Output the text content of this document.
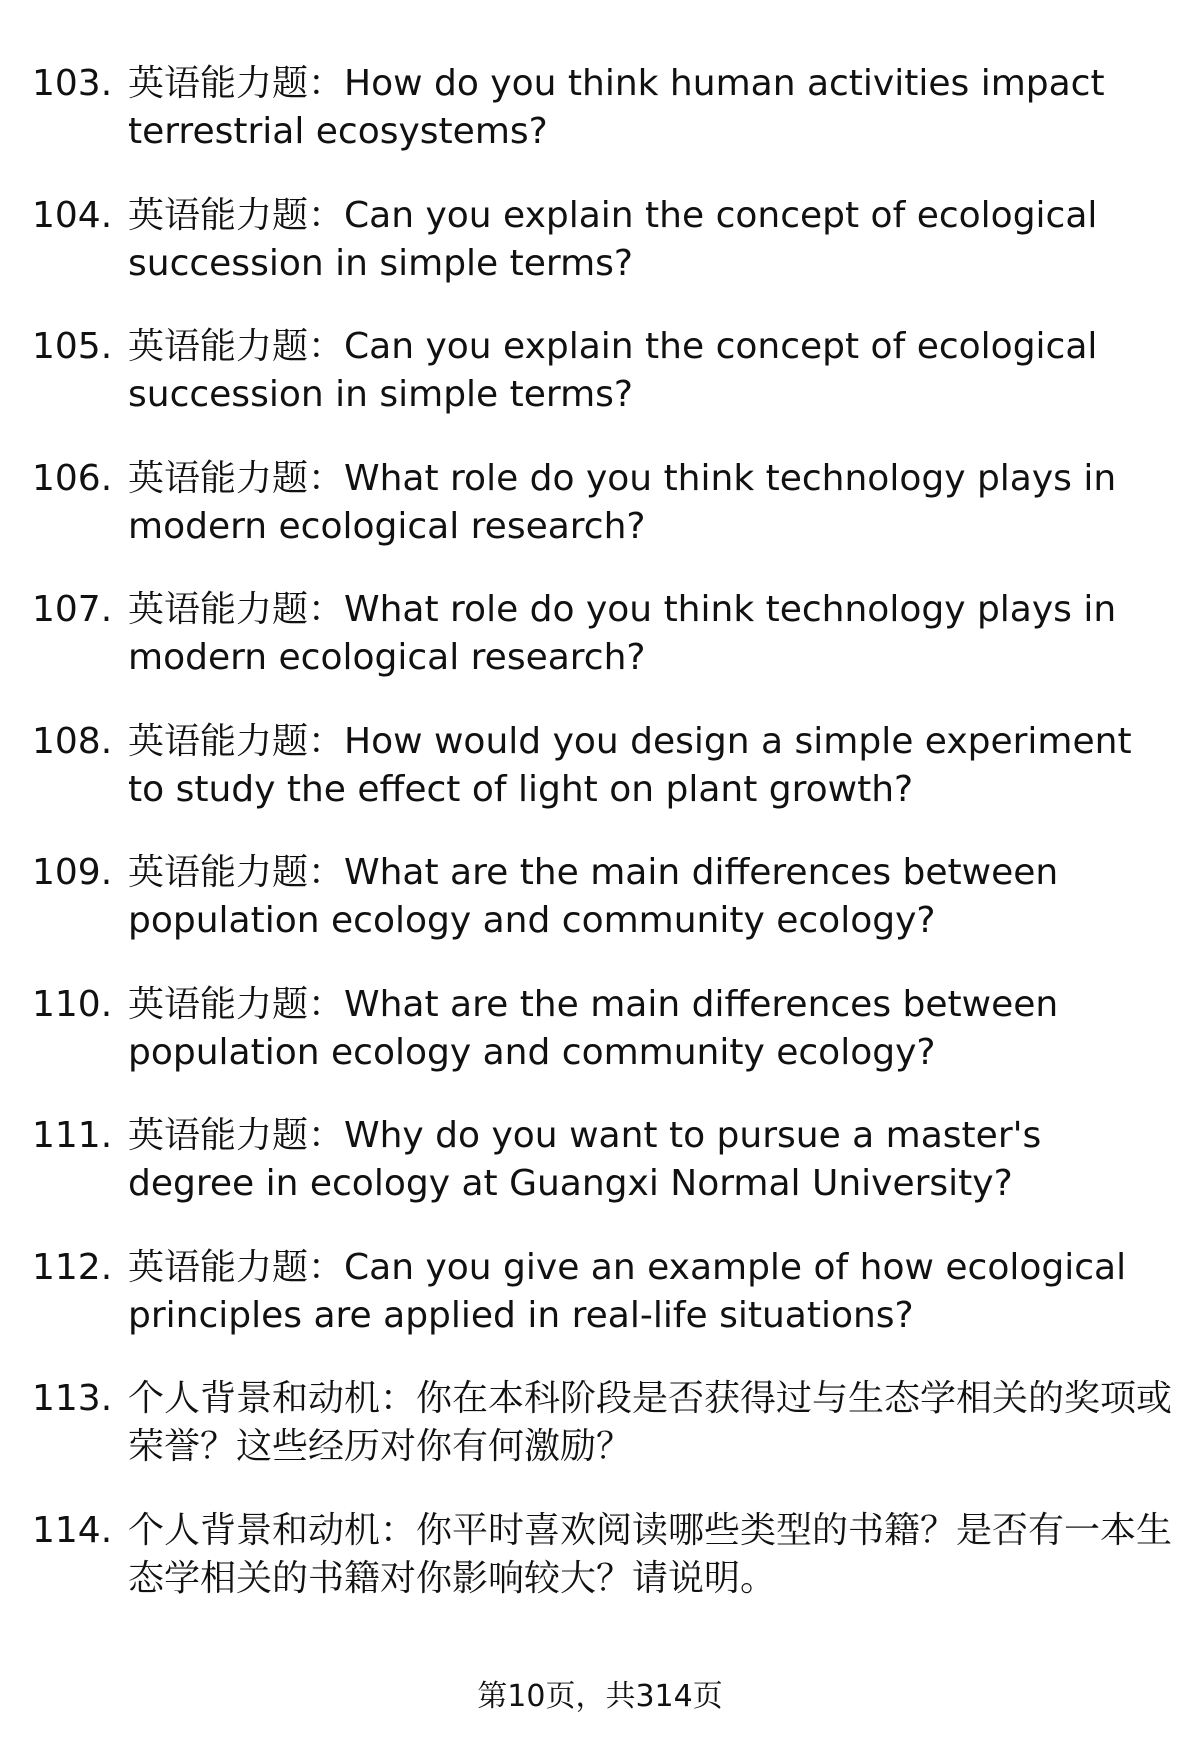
103. 英语能力题：How do you think human activities impact terrestrial ecosystems?
104. 英语能力题：Can you explain the concept of ecological succession in simple terms?
105. 英语能力题：Can you explain the concept of ecological succession in simple terms?
106. 英语能力题：What role do you think technology plays in modern ecological research?
107. 英语能力题：What role do you think technology plays in modern ecological research?
108. 英语能力题：How would you design a simple experiment to study the effect of light on plant growth?
109. 英语能力题：What are the main differences between population ecology and community ecology?
110. 英语能力题：What are the main differences between population ecology and community ecology?
111. 英语能力题：Why do you want to pursue a master's degree in ecology at Guangxi Normal University?
112. 英语能力题：Can you give an example of how ecological principles are applied in real-life situations?
113. 个人背景和动机：你在本科阶段是否获得过与生态学相关的奖项或荣誉？这些经历对你有何激励？
114. 个人背景和动机：你平时喜欢阅读哪些类型的书籍？是否有一本生态学相关的书籍对你影响较大？请说明。
第10页，共314页
